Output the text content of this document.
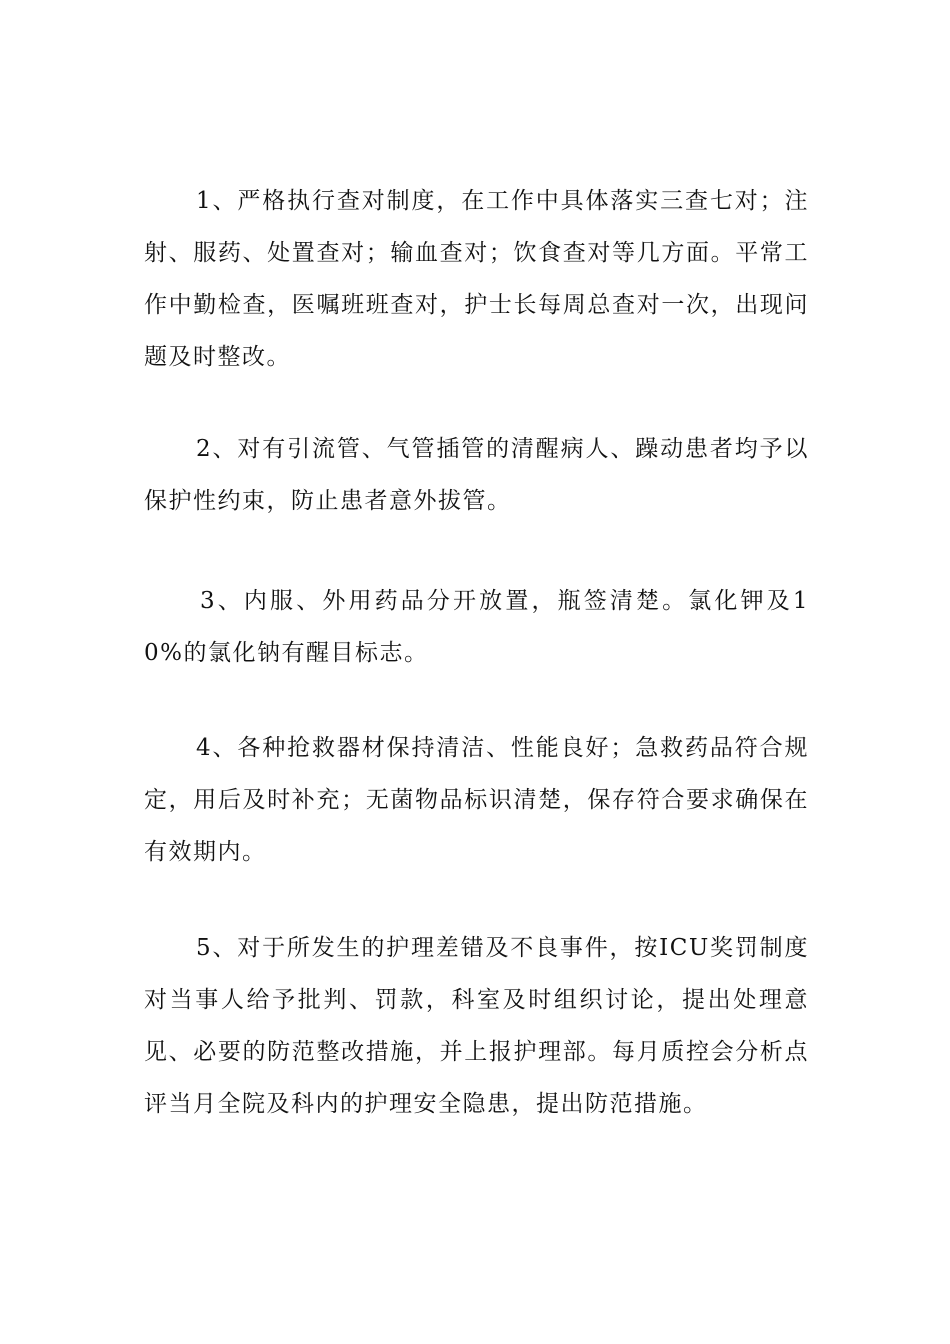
1、严格执行查对制度，在工作中具体落实三查七对；注射、服药、处置查对；输血查对；饮食查对等几方面。平常工作中勤检查，医嘱班班查对，护士长每周总查对一次，出现问题及时整改。

2、对有引流管、气管插管的清醒病人、躁动患者均予以保护性约束，防止患者意外拔管。

3、内服、外用药品分开放置，瓶签清楚。氯化钾及10%的氯化钠有醒目标志。

4、各种抢救器材保持清洁、性能良好；急救药品符合规定，用后及时补充；无菌物品标识清楚，保存符合要求确保在有效期内。

5、对于所发生的护理差错及不良事件，按ICU奖罚制度对当事人给予批判、罚款，科室及时组织讨论，提出处理意见、必要的防范整改措施，并上报护理部。每月质控会分析点评当月全院及科内的护理安全隐患，提出防范措施。
